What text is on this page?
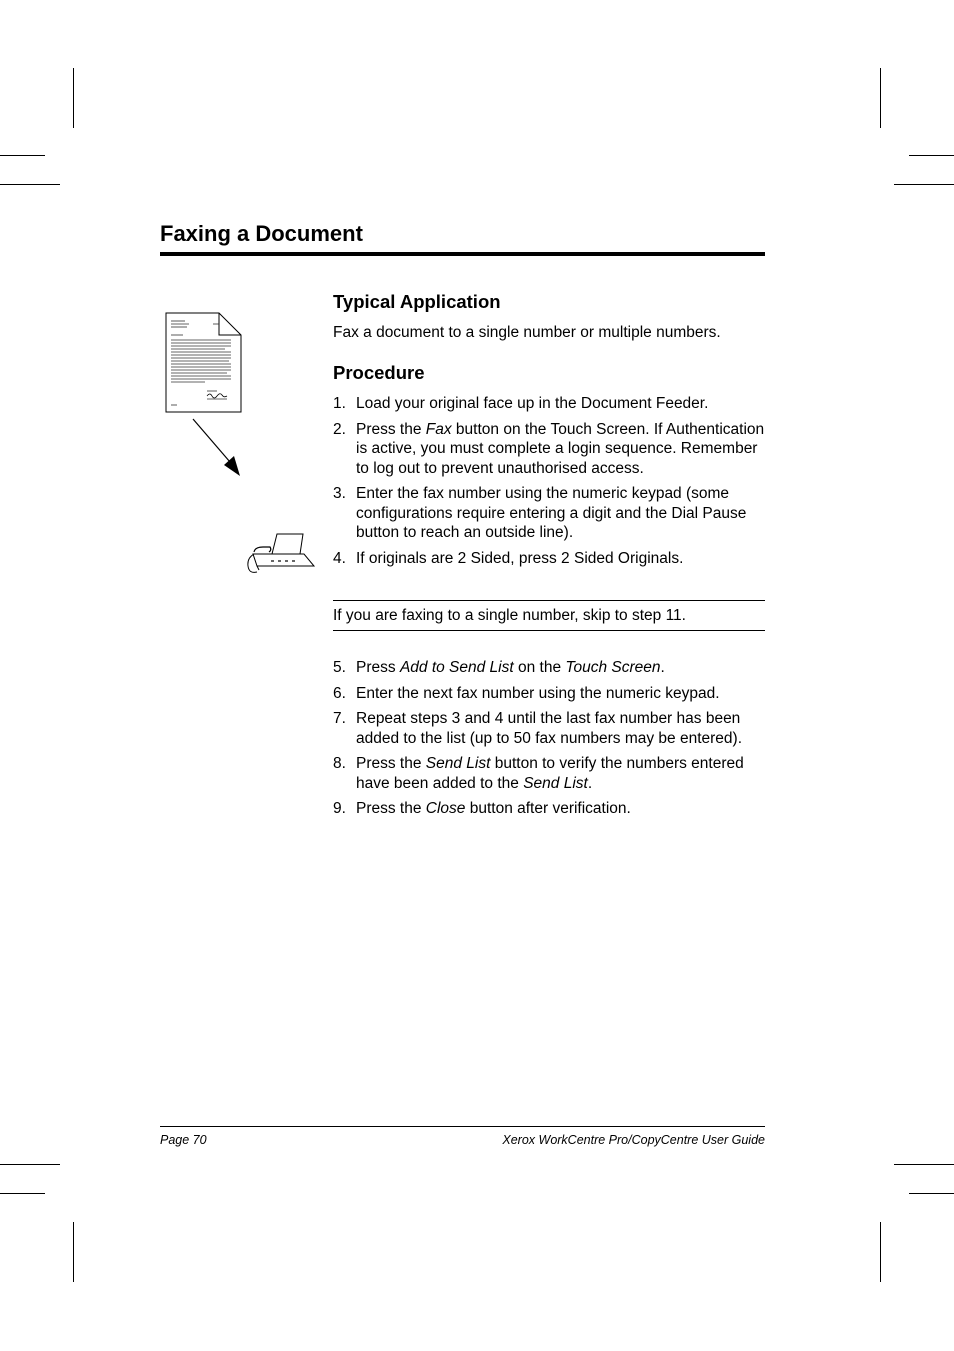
Faxing a Document
Typical Application

Fax a document to a single number or multiple numbers.

Procedure
1. Load your original face up in the Document Feeder.
2. Press the Fax button on the Touch Screen. If Authentication is active, you must complete a login sequence. Remember to log out to prevent unauthorised access.
3. Enter the fax number using the numeric keypad (some configurations require entering a digit and the Dial Pause button to reach an outside line).
4. If originals are 2 Sided, press 2 Sided Originals.

If you are faxing to a single number, skip to step 11.

5. Press Add to Send List on the Touch Screen.
6. Enter the next fax number using the numeric keypad.
7. Repeat steps 3 and 4 until the last fax number has been added to the list (up to 50 fax numbers may be entered).
8. Press the Send List button to verify the numbers entered have been added to the Send List.
9. Press the Close button after verification.
Page 70	Xerox WorkCentre Pro/CopyCentre User Guide
